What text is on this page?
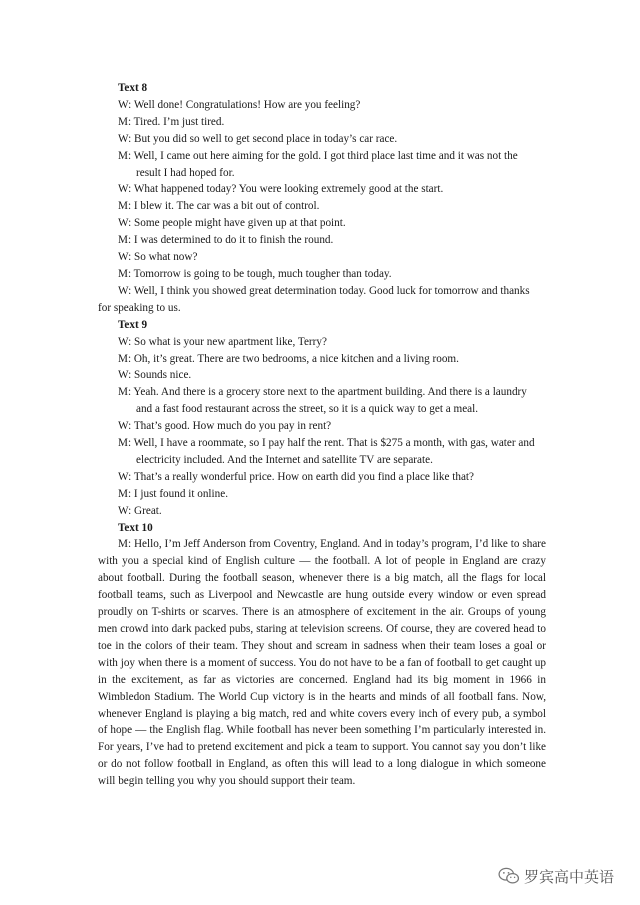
Text 8
W: Well done! Congratulations! How are you feeling?
M: Tired. I’m just tired.
W: But you did so well to get second place in today’s car race.
M: Well, I came out here aiming for the gold. I got third place last time and it was not the result I had hoped for.
W: What happened today? You were looking extremely good at the start.
M: I blew it. The car was a bit out of control.
W: Some people might have given up at that point.
M: I was determined to do it to finish the round.
W: So what now?
M: Tomorrow is going to be tough, much tougher than today.
W: Well, I think you showed great determination today. Good luck for tomorrow and thanks
for speaking to us.
Text 9
W: So what is your new apartment like, Terry?
M: Oh, it’s great. There are two bedrooms, a nice kitchen and a living room.
W: Sounds nice.
M: Yeah. And there is a grocery store next to the apartment building. And there is a laundry and a fast food restaurant across the street, so it is a quick way to get a meal.
W: That’s good. How much do you pay in rent?
M: Well, I have a roommate, so I pay half the rent. That is $275 a month, with gas, water and electricity included. And the Internet and satellite TV are separate.
W: That’s a really wonderful price. How on earth did you find a place like that?
M: I just found it online.
W: Great.
Text 10
M: Hello, I’m Jeff Anderson from Coventry, England. And in today’s program, I’d like to share with you a special kind of English culture — the football. A lot of people in England are crazy about football. During the football season, whenever there is a big match, all the flags for local football teams, such as Liverpool and Newcastle are hung outside every window or even spread proudly on T-shirts or scarves. There is an atmosphere of excitement in the air. Groups of young men crowd into dark packed pubs, staring at television screens. Of course, they are covered head to toe in the colors of their team. They shout and scream in sadness when their team loses a goal or with joy when there is a moment of success. You do not have to be a fan of football to get caught up in the excitement, as far as victories are concerned. England had its big moment in 1966 in Wimbledon Stadium. The World Cup victory is in the hearts and minds of all football fans. Now, whenever England is playing a big match, red and white covers every inch of every pub, a symbol of hope — the English flag. While football has never been something I’m particularly interested in. For years, I’ve had to pretend excitement and pick a team to support. You cannot say you don’t like or do not follow football in England, as often this will lead to a long dialogue in which someone will begin telling you why you should support their team.
罗宾高中英语
